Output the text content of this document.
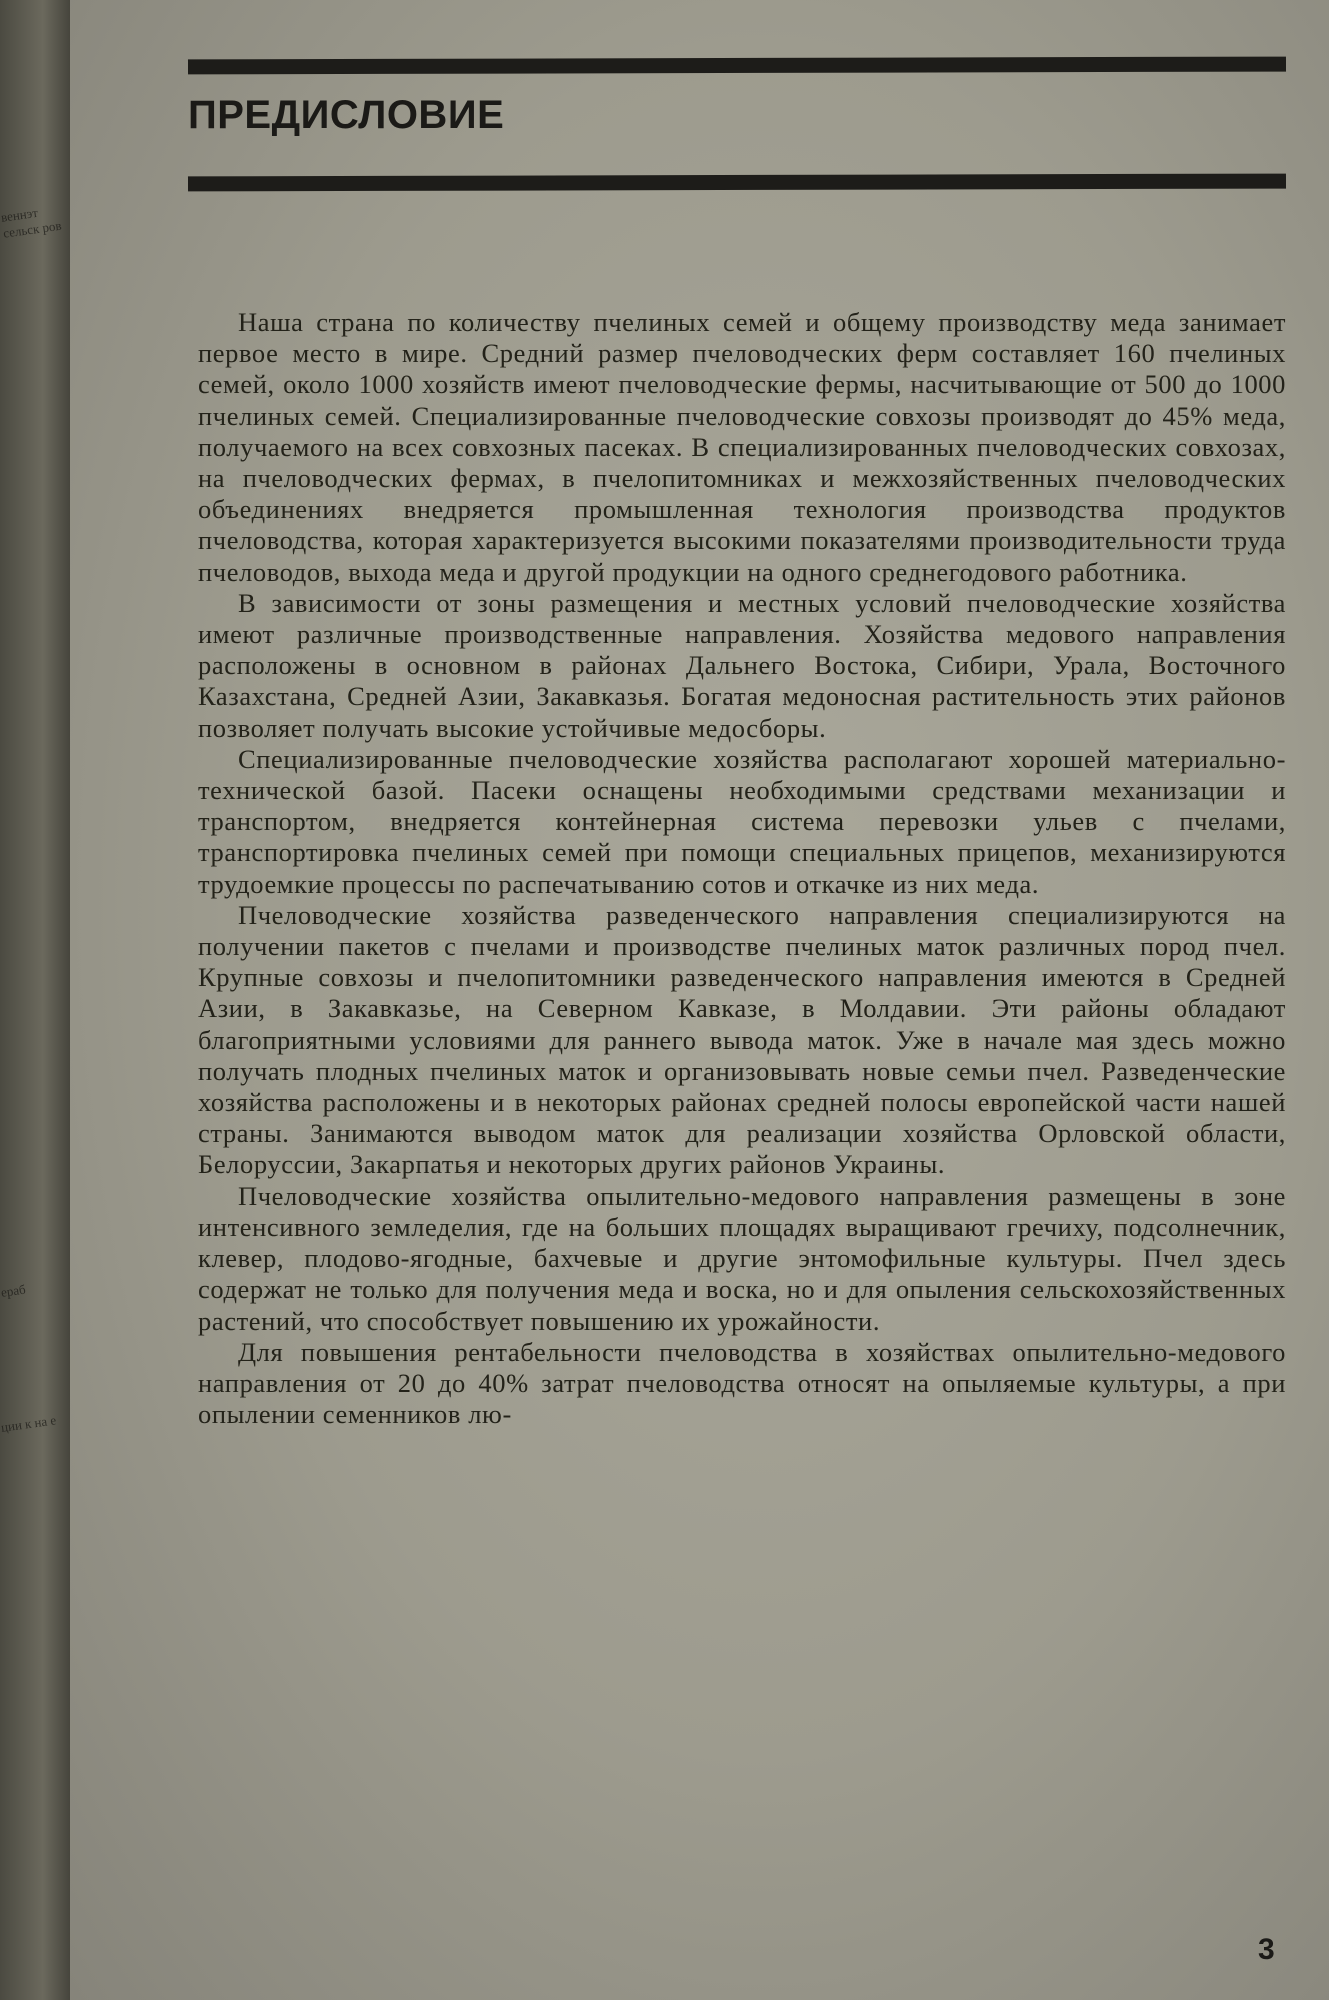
веннэт сельск ров
ераб
ции к на е
ПРЕДИСЛОВИЕ

Наша страна по количеству пчелиных семей и общему производству меда занимает первое место в мире. Средний размер пчеловодческих ферм составляет 160 пчелиных семей, около 1000 хозяйств имеют пчеловодческие фермы, насчитывающие от 500 до 1000 пчелиных семей. Специализированные пчеловодческие совхозы производят до 45% меда, получаемого на всех совхозных пасеках. В специализированных пчеловодческих совхозах, на пчеловодческих фермах, в пчелопитомниках и межхозяйственных пчеловодческих объединениях внедряется промышленная технология производства продуктов пчеловодства, которая характеризуется высокими показателями производительности труда пчеловодов, выхода меда и другой продукции на одного среднегодового работника.

В зависимости от зоны размещения и местных условий пчеловодческие хозяйства имеют различные производственные направления. Хозяйства медового направления расположены в основном в районах Дальнего Востока, Сибири, Урала, Восточного Казахстана, Средней Азии, Закавказья. Богатая медоносная растительность этих районов позволяет получать высокие устойчивые медосборы.

Специализированные пчеловодческие хозяйства располагают хорошей материально-технической базой. Пасеки оснащены необходимыми средствами механизации и транспортом, внедряется контейнерная система перевозки ульев с пчелами, транспортировка пчелиных семей при помощи специальных прицепов, механизируются трудоемкие процессы по распечатыванию сотов и откачке из них меда.

Пчеловодческие хозяйства разведенческого направления специализируются на получении пакетов с пчелами и производстве пчелиных маток различных пород пчел. Крупные совхозы и пчелопитомники разведенческого направления имеются в Средней Азии, в Закавказье, на Северном Кавказе, в Молдавии. Эти районы обладают благоприятными условиями для раннего вывода маток. Уже в начале мая здесь можно получать плодных пчелиных маток и организовывать новые семьи пчел. Разведенческие хозяйства расположены и в некоторых районах средней полосы европейской части нашей страны. Занимаются выводом маток для реализации хозяйства Орловской области, Белоруссии, Закарпатья и некоторых других районов Украины.

Пчеловодческие хозяйства опылительно-медового направления размещены в зоне интенсивного земледелия, где на больших площадях выращивают гречиху, подсолнечник, клевер, плодово-ягодные, бахчевые и другие энтомофильные культуры. Пчел здесь содержат не только для получения меда и воска, но и для опыления сельскохозяйственных растений, что способствует повышению их урожайности.

Для повышения рентабельности пчеловодства в хозяйствах опылительно-медового направления от 20 до 40% затрат пчеловодства относят на опыляемые культуры, а при опылении семенников лю-

3
